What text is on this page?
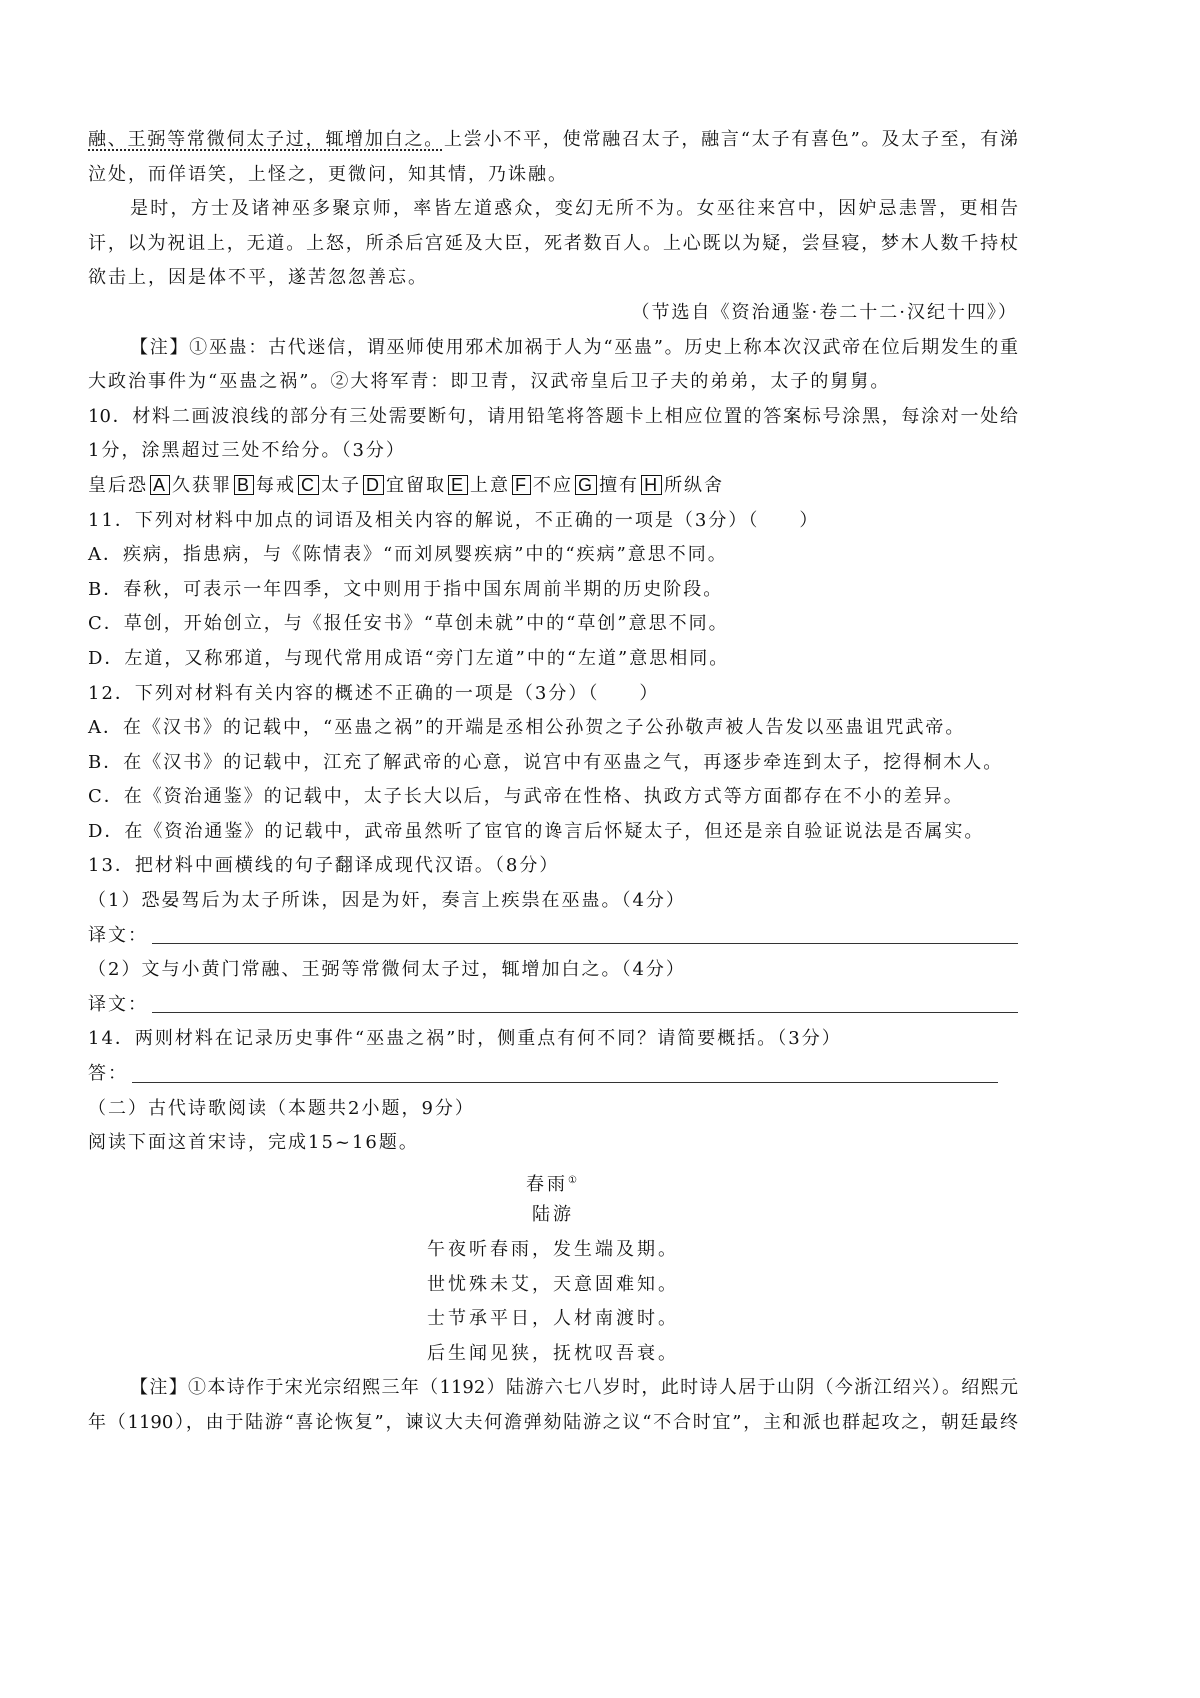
融、王弼等常微伺太子过，辄增加白之。上尝小不平，使常融召太子，融言“太子有喜色”。及太子至，有涕
泣处，而佯语笑，上怪之，更微问，知其情，乃诛融。
是时，方士及诸神巫多聚京师，率皆左道惑众，变幻无所不为。女巫往来宫中，因妒忌恚詈，更相告
讦，以为祝诅上，无道。上怒，所杀后宫延及大臣，死者数百人。上心既以为疑，尝昼寝，梦木人数千持杖
欲击上，因是体不平，遂苦忽忽善忘。
（节选自《资治通鉴·卷二十二·汉纪十四》）
【注】①巫蛊：古代迷信，谓巫师使用邪术加祸于人为“巫蛊”。历史上称本次汉武帝在位后期发生的重
大政治事件为“巫蛊之祸”。②大将军青：即卫青，汉武帝皇后卫子夫的弟弟，太子的舅舅。
10．材料二画波浪线的部分有三处需要断句，请用铅笔将答题卡上相应位置的答案标号涂黑，每涂对一处给
1分，涂黑超过三处不给分。（3分）
皇后恐 A 久获罪 B 每戒 C 太子 D 宜留取 E 上意 F 不应 G 擅有 H 所纵舍
11．下列对材料中加点的词语及相关内容的解说，不正确的一项是（3分）（　　）
A．疾病，指患病，与《陈情表》“而刘夙婴疾病”中的“疾病”意思不同。
B．春秋，可表示一年四季，文中则用于指中国东周前半期的历史阶段。
C．草创，开始创立，与《报任安书》“草创未就”中的“草创”意思不同。
D．左道，又称邪道，与现代常用成语“旁门左道”中的“左道”意思相同。
12．下列对材料有关内容的概述不正确的一项是（3分）（　　）
A．在《汉书》的记载中，“巫蛊之祸”的开端是丞相公孙贺之子公孙敬声被人告发以巫蛊诅咒武帝。
B．在《汉书》的记载中，江充了解武帝的心意，说宫中有巫蛊之气，再逐步牵连到太子，挖得桐木人。
C．在《资治通鉴》的记载中，太子长大以后，与武帝在性格、执政方式等方面都存在不小的差异。
D．在《资治通鉴》的记载中，武帝虽然听了宦官的谗言后怀疑太子，但还是亲自验证说法是否属实。
13．把材料中画横线的句子翻译成现代汉语。（8分）
（1）恐晏驾后为太子所诛，因是为奸，奏言上疾祟在巫蛊。（4分）
译文：
（2）文与小黄门常融、王弼等常微伺太子过，辄增加白之。（4分）
译文：
14．两则材料在记录历史事件“巫蛊之祸”时，侧重点有何不同？请简要概括。（3分）
答：
（二）古代诗歌阅读（本题共2小题，9分）
阅读下面这首宋诗，完成15~16题。
春雨①
陆游
午夜听春雨，发生端及期。
世忧殊未艾，天意固难知。
士节承平日，人材南渡时。
后生闻见狭，抚枕叹吾衰。
【注】①本诗作于宋光宗绍熙三年（1192）陆游六七八岁时，此时诗人居于山阴（今浙江绍兴）。绍熙元
年（1190），由于陆游“喜论恢复”，谏议大夫何澹弹劾陆游之议“不合时宜”，主和派也群起攻之，朝廷最终
